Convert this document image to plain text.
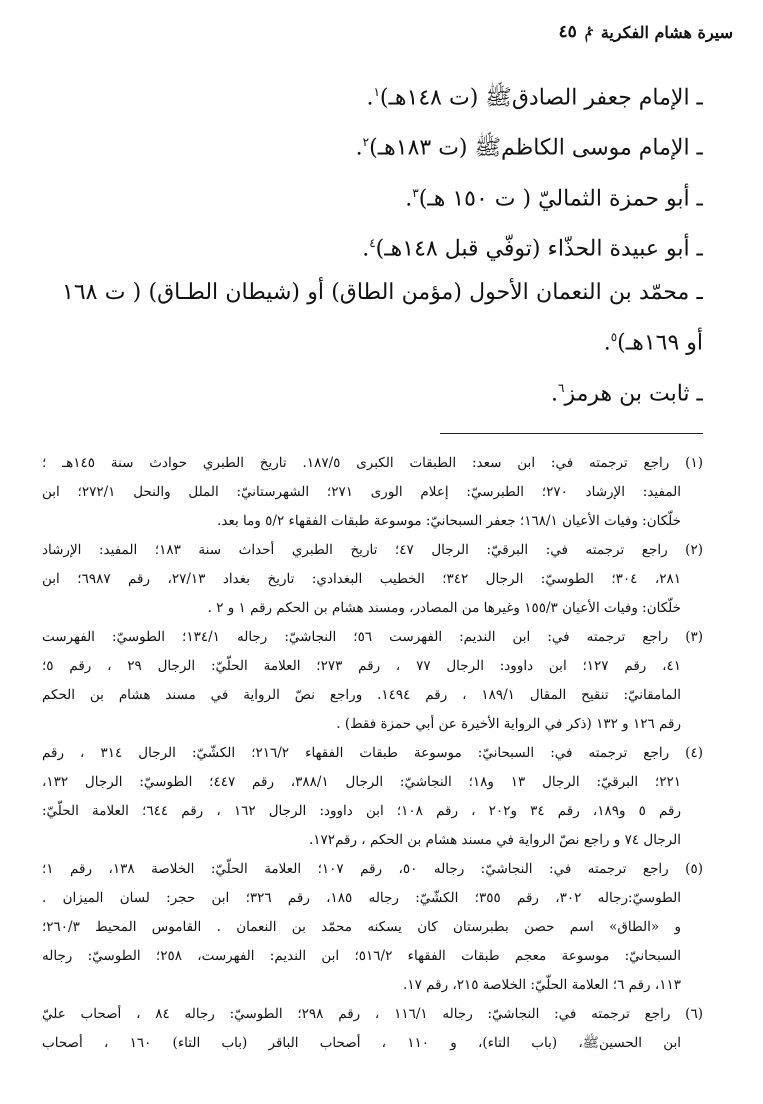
سيرة هشام الفكرية
ﰂ
٤٥
ـ الإمام جعفر الصادقﷺ (ت ١٤٨هـ)$^١$.
ـ الإمام موسى الكاظمﷺ (ت ١٨٣هـ)$^٢$.
ـ أبو حمزة الثماليّ ( ت ١٥٠ هـ)$^٣$.
ـ أبو عبيدة الحذّاء (توفّي قبل ١٤٨هـ)$^٤$.
ـ محمّد بن النعمان الأحول (مؤمن الطاق) أو (شيطان الطـاق) ( ت ١٦٨
أو ١٦٩هـ)$^٥$.
ـ ثابت بن هرمز$^٦$.
(١) راجع ترجمته في: ابن سعد: الطبقات الكبرى ١٨٧/٥. تاريخ الطبري حوادث سنة ١٤٥هـ ؛
المفيد: الإرشاد ٢٧٠؛ الطبرسيّ: إعلام الورى ٢٧١؛ الشهرستانيّ: الملل والنحل ٢٧٢/١؛ ابن
خلّكان: وفيات الأعيان ١٦٨/١؛ جعفر السبحانيّ: موسوعة طبقات الفقهاء ٥/٢ وما بعد.
(٢) راجع ترجمته في: البرقيّ: الرجال ٤٧؛ تاريخ الطبري أحداث سنة ١٨٣؛ المفيد: الإرشاد
٢٨١، ٣٠٤؛ الطوسيّ: الرجال ٣٤٢؛ الخطيب البغدادي: تاريخ بغداد ٢٧/١٣، رقم ٦٩٨٧؛ ابن
خلّكان: وفيات الأعيان ١٥٥/٣ وغيرها من المصادر، ومسند هشام بن الحكم رقم ١ و ٢ .
(٣) راجع ترجمته في: ابن النديم: الفهرست ٥٦؛ النجاشيّ: رجاله ١٣٤/١؛ الطوسيّ: الفهرست
٤١، رقم ١٢٧؛ ابن داوود: الرجال ٧٧ ، رقم ٢٧٣؛ العلامة الحلّيّ: الرجال ٢٩ ، رقم ٥؛
المامقانيّ: تنقيح المقال ١٨٩/١ ، رقم ١٤٩٤. وراجع نصّ الرواية في مسند هشام بن الحكم
رقم ١٢٦ و ١٣٢ (ذكر في الرواية الأخيرة عن أبي حمزة فقط) .
(٤) راجع ترجمته في: السبحانيّ: موسوعة طبقات الفقهاء ٢١٦/٢؛ الكشّيّ: الرجال ٣١٤ ، رقم
٢٢١؛ البرقيّ: الرجال ١٣ و١٨؛ النجاشيّ: الرجال ٣٨٨/١، رقم ٤٤٧؛ الطوسيّ: الرجال ١٣٢،
رقم ٥ و١٨٩، رقم ٣٤ و٢٠٢ ، رقم ١٠٨؛ ابن داوود: الرجال ١٦٢ ، رقم ٦٤٤؛ العلامة الحلّيّ:
الرجال ٧٤ و راجع نصّ الرواية في مسند هشام بن الحكم ، رقم١٧٢.
(٥) راجع ترجمته في: النجاشيّ: رجاله ٥٠، رقم ١٠٧؛ العلامة الحلّيّ: الخلاصة ١٣٨، رقم ١؛
الطوسيّ:رجاله ٣٠٢، رقم ٣٥٥؛ الكشّيّ: رجاله ١٨٥، رقم ٣٢٦؛ ابن حجر: لسان الميزان .
و «الطاق» اسم حصن بطبرستان كان يسكنه محمّد بن النعمان . القاموس المحيط ٢٦٠/٣؛
السبحانيّ: موسوعة معجم طبقات الفقهاء ٥١٦/٢؛ ابن النديم: الفهرست، ٢٥٨؛ الطوسيّ: رجاله
١١٣، رقم ٦؛ العلامة الحلّيّ: الخلاصة ٢١٥، رقم ١٧.
(٦) راجع ترجمته في: النجاشيّ: رجاله ١١٦/١ ، رقم ٢٩٨؛ الطوسيّ: رجاله ٨٤ ، أصحاب عليّ
ابن الحسينﷺ، (باب التاء)، و ١١٠ ، أصحاب الباقر (باب التاء) ١٦٠ ، أصحاب
